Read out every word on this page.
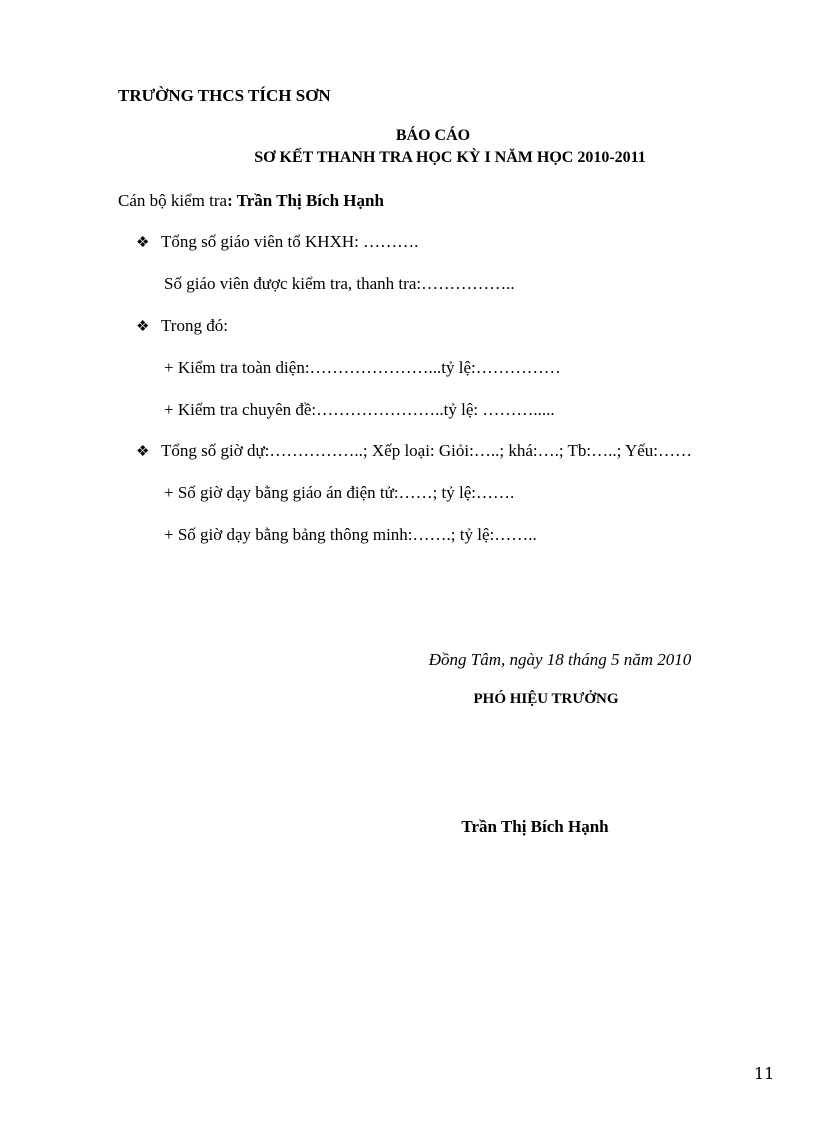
TRƯỜNG THCS TÍCH SƠN
BÁO CÁO
SƠ KẾT THANH TRA HỌC KỲ I NĂM HỌC 2010-2011
Cán bộ kiểm tra: Trần Thị Bích Hạnh
❖ Tổng số giáo viên tổ KHXH: ……….
Số giáo viên được kiểm tra, thanh tra:……………..
❖ Trong đó:
+ Kiểm tra toàn diện:…………………...tỷ lệ:……………
+ Kiểm tra chuyên đề:…………………..tỷ lệ: ……….....
❖ Tổng số giờ dự:……………..; Xếp loại: Giỏi:…..; khá:….; Tb:…..; Yếu:……
+ Số giờ dạy bằng giáo án điện tử:……; tỷ lệ:…….
+ Số giờ dạy bằng bảng thông minh:…….; tỷ lệ:……..
Đồng Tâm, ngày 18 tháng 5 năm 2010
PHÓ HIỆU TRƯỞNG
Trần Thị Bích Hạnh
11
